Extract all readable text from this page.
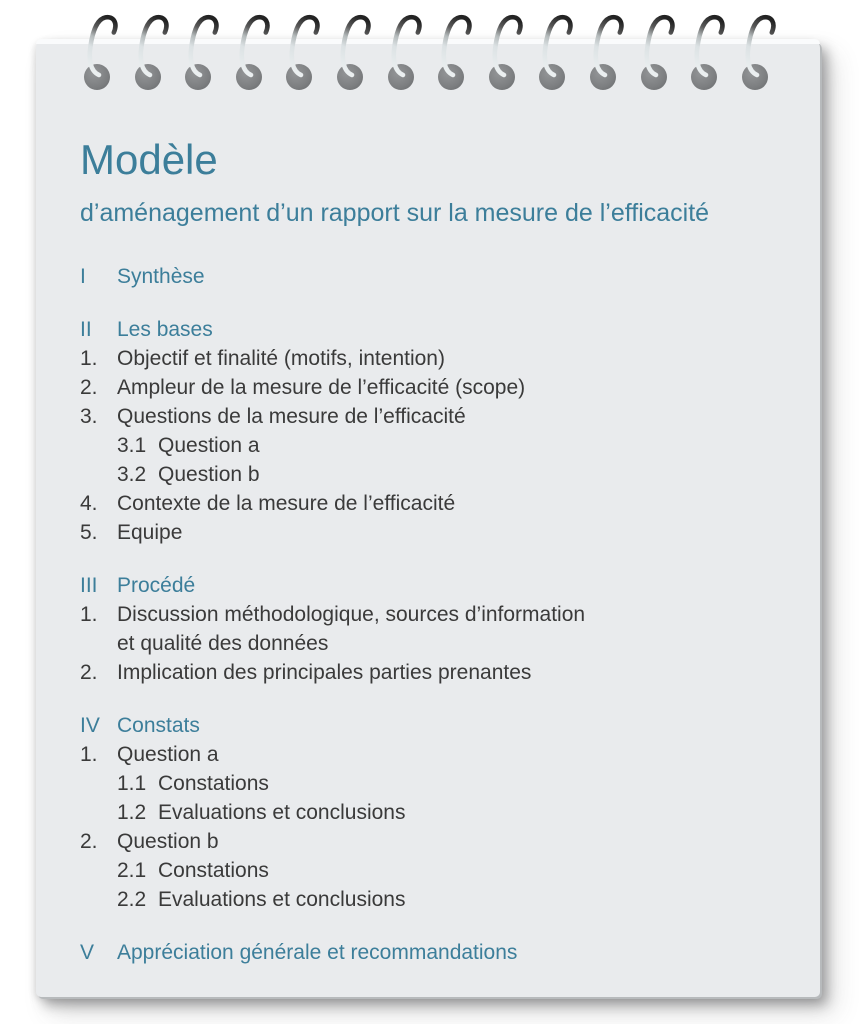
Modèle
d’aménagement d’un rapport sur la mesure de l’efficacité
I	Synthèse
II	Les bases
1. Objectif et finalité (motifs, intention)
2. Ampleur de la mesure de l’efficacité (scope)
3. Questions de la mesure de l’efficacité
3.1 Question a
3.2 Question b
4. Contexte de la mesure de l’efficacité
5. Equipe
III Procédé
1. Discussion méthodologique, sources d’information
et qualité des données
2. Implication des principales parties prenantes
IV Constats
1. Question a
1.1 Constations
1.2 Evaluations et conclusions
2. Question b
2.1 Constations
2.2 Evaluations et conclusions
V	Appréciation générale et recommandations
